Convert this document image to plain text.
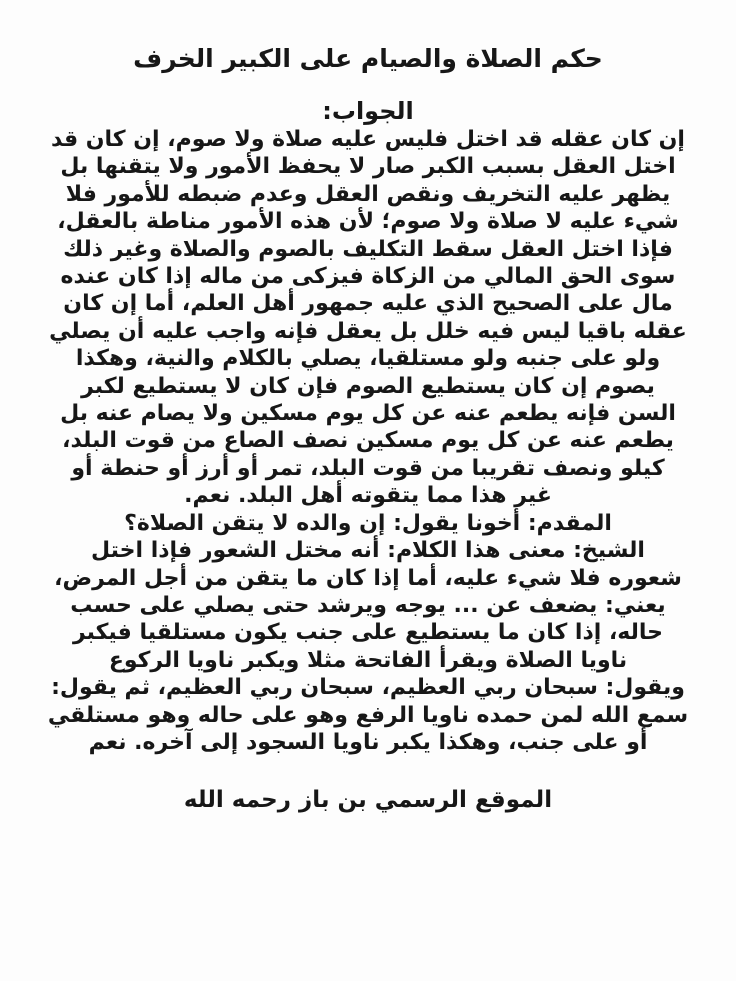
حكم الصلاة والصيام على الكبير الخرف
الجواب:
إن كان عقله قد اختل فليس عليه صلاة ولا صوم، إن كان قد
اختل العقل بسبب الكبر صار لا يحفظ الأمور ولا يتقنها بل
يظهر عليه التخريف ونقص العقل وعدم ضبطه للأمور فلا
شيء عليه لا صلاة ولا صوم؛ لأن هذه الأمور مناطة بالعقل،
فإذا اختل العقل سقط التكليف بالصوم والصلاة وغير ذلك
سوى الحق المالي من الزكاة فيزكى من ماله إذا كان عنده
مال على الصحيح الذي عليه جمهور أهل العلم، أما إن كان
عقله باقيا ليس فيه خلل بل يعقل فإنه واجب عليه أن يصلي
ولو على جنبه ولو مستلقيا، يصلي بالكلام والنية، وهكذا
يصوم إن كان يستطيع الصوم فإن كان لا يستطيع لكبر
السن فإنه يطعم عنه عن كل يوم مسكين ولا يصام عنه بل
يطعم عنه عن كل يوم مسكين نصف الصاع من قوت البلد،
كيلو ونصف تقريبا من قوت البلد، تمر أو أرز أو حنطة أو
غير هذا مما يتقوته أهل البلد. نعم.
المقدم: أخونا يقول: إن والده لا يتقن الصلاة؟
الشيخ: معنى هذا الكلام: أنه مختل الشعور فإذا اختل
شعوره فلا شيء عليه، أما إذا كان ما يتقن من أجل المرض،
يعني: يضعف عن ... يوجه ويرشد حتى يصلي على حسب
حاله، إذا كان ما يستطيع على جنب يكون مستلقيا فيكبر
ناويا الصلاة ويقرأ الفاتحة مثلا ويكبر ناويا الركوع
ويقول: سبحان ربي العظيم، سبحان ربي العظيم، ثم يقول:
سمع الله لمن حمده ناويا الرفع وهو على حاله وهو مستلقي
أو على جنب، وهكذا يكبر ناويا السجود إلى آخره. نعم
الموقع الرسمي بن باز رحمه الله
